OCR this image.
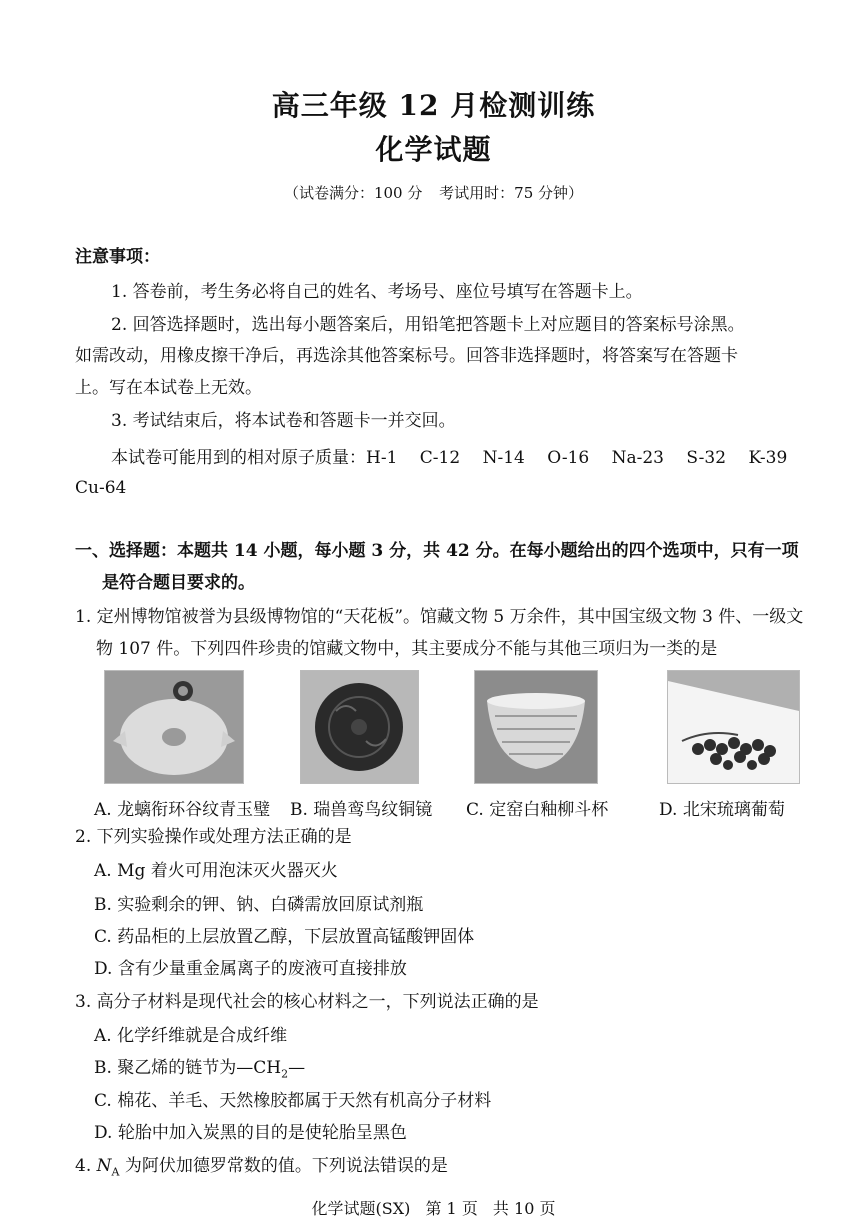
高三年级 12 月检测训练
化学试题
（试卷满分：100 分 考试用时：75 分钟）
注意事项：
1. 答卷前，考生务必将自己的姓名、考场号、座位号填写在答题卡上。
2. 回答选择题时，选出每小题答案后，用铅笔把答题卡上对应题目的答案标号涂黑。
如需改动，用橡皮擦干净后，再选涂其他答案标号。回答非选择题时，将答案写在答题卡
上。写在本试卷上无效。
3. 考试结束后，将本试卷和答题卡一并交回。
本试卷可能用到的相对原子质量：H-1 C-12 N-14 O-16 Na-23 S-32 K-39
Cu-64
一、选择题：本题共 14 小题，每小题 3 分，共 42 分。在每小题给出的四个选项中，只有一项
是符合题目要求的。
1. 定州博物馆被誉为县级博物馆的“天花板”。馆藏文物 5 万余件，其中国宝级文物 3 件、一级文
物 107 件。下列四件珍贵的馆藏文物中，其主要成分不能与其他三项归为一类的是
A. 龙螭衔环谷纹青玉璧 B. 瑞兽鸾鸟纹铜镜 C. 定窑白釉柳斗杯	D. 北宋琉璃葡萄
2. 下列实验操作或处理方法正确的是
A. Mg 着火可用泡沫灭火器灭火
B. 实验剩余的钾、钠、白磷需放回原试剂瓶
C. 药品柜的上层放置乙醇，下层放置高锰酸钾固体
D. 含有少量重金属离子的废液可直接排放
3. 高分子材料是现代社会的核心材料之一，下列说法正确的是
A. 化学纤维就是合成纤维
B. 聚乙烯的链节为$—CH_2—$
C. 棉花、羊毛、天然橡胶都属于天然有机高分子材料
D. 轮胎中加入炭黑的目的是使轮胎呈黑色
4. $N_A$ 为阿伏加德罗常数的值。下列说法错误的是
化学试题(SX) 第 1 页 共 10 页
